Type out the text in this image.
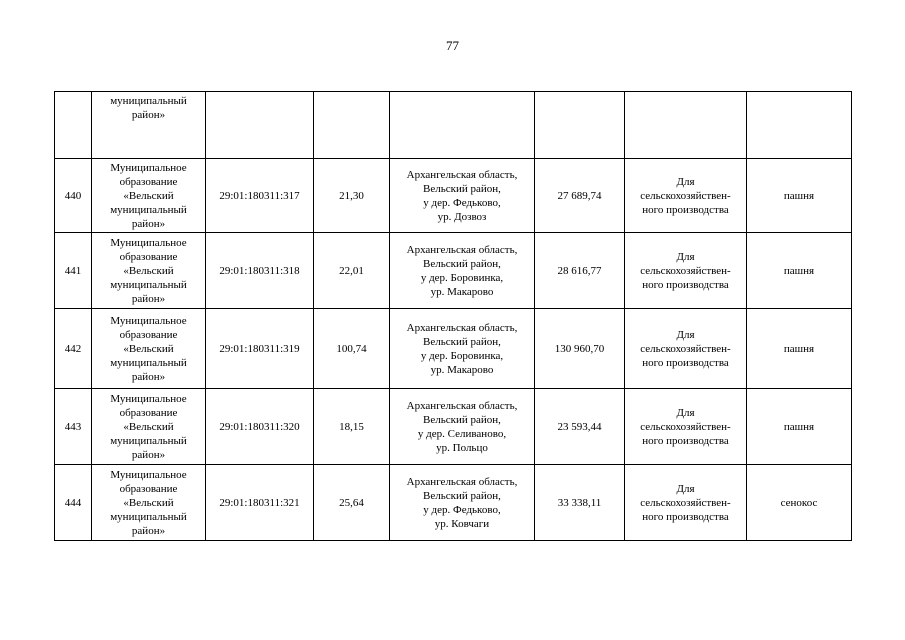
77

	муниципальный
район»						

440	Муниципальное
образование
«Вельский
муниципальный
район»	29:01:180311:317	21,30	Архангельская область,
Вельский район,
у дер. Федьково,
ур. Дозвоз	27 689,74	Для
сельскохозяйствен-
ного производства	пашня
441	Муниципальное
образование
«Вельский
муниципальный
район»	29:01:180311:318	22,01	Архангельская область,
Вельский район,
у дер. Боровинка,
ур. Макарово	28 616,77	Для
сельскохозяйствен-
ного производства	пашня
442	Муниципальное
образование
«Вельский
муниципальный
район»	29:01:180311:319	100,74	Архангельская область,
Вельский район,
у дер. Боровинка,
ур. Макарово	130 960,70	Для
сельскохозяйствен-
ного производства	пашня
443	Муниципальное
образование
«Вельский
муниципальный
район»	29:01:180311:320	18,15	Архангельская область,
Вельский район,
у дер. Селиваново,
ур. Польцо	23 593,44	Для
сельскохозяйствен-
ного производства	пашня
444	Муниципальное
образование
«Вельский
муниципальный
район»	29:01:180311:321	25,64	Архангельская область,
Вельский район,
у дер. Федьково,
ур. Ковчаги	33 338,11	Для
сельскохозяйствен-
ного производства	сенокос
